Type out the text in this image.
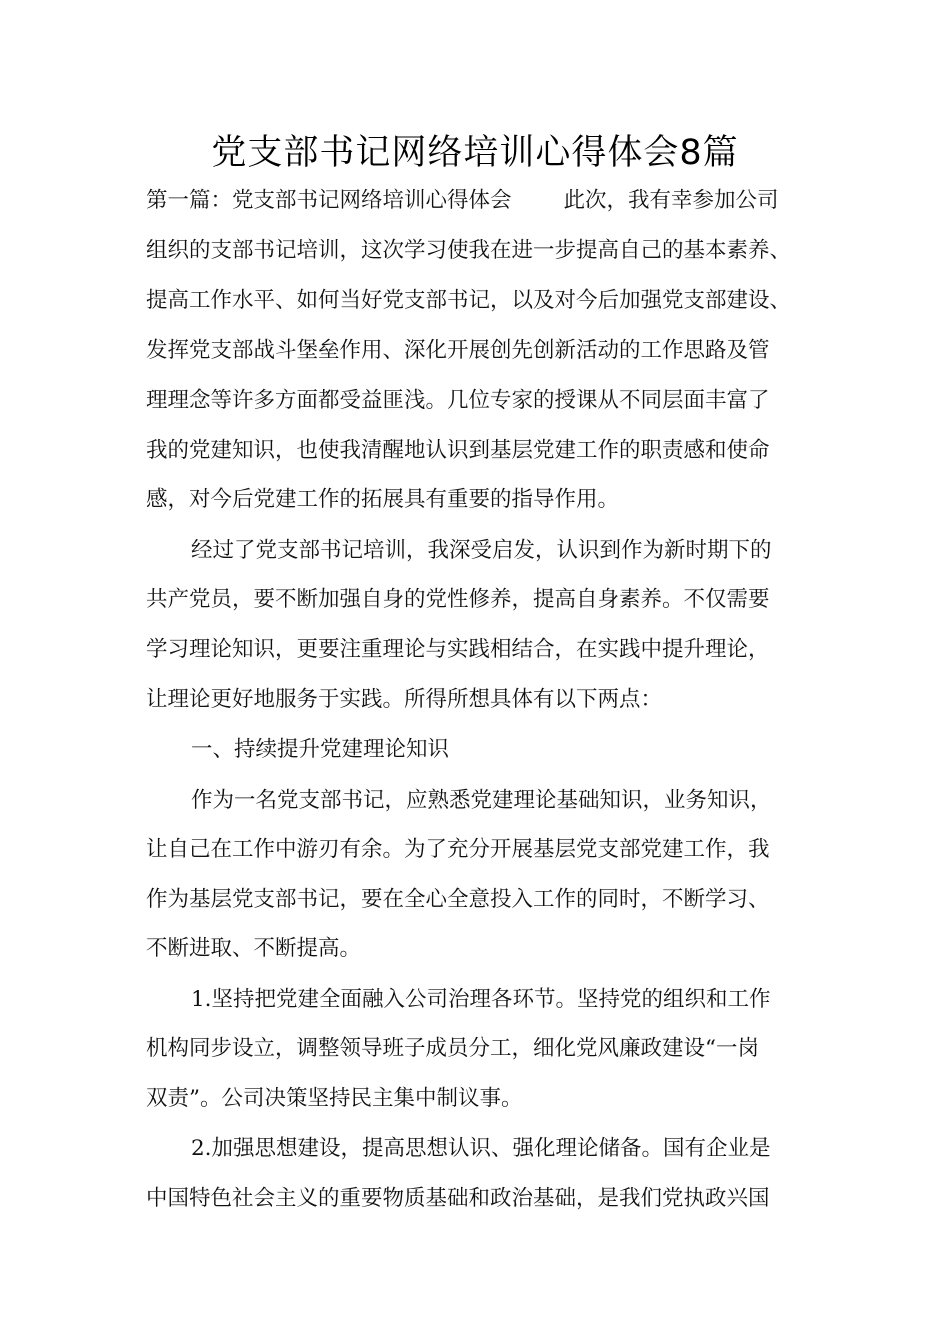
党支部书记网络培训心得体会8篇
第一篇：党支部书记网络培训心得体会 此次，我有幸参加公司
组织的支部书记培训，这次学习使我在进一步提高自己的基本素养、
提高工作水平、如何当好党支部书记，以及对今后加强党支部建设、
发挥党支部战斗堡垒作用、深化开展创先创新活动的工作思路及管
理理念等许多方面都受益匪浅。几位专家的授课从不同层面丰富了
我的党建知识，也使我清醒地认识到基层党建工作的职责感和使命
感，对今后党建工作的拓展具有重要的指导作用。
经过了党支部书记培训，我深受启发，认识到作为新时期下的
共产党员，要不断加强自身的党性修养，提高自身素养。不仅需要
学习理论知识，更要注重理论与实践相结合，在实践中提升理论，
让理论更好地服务于实践。所得所想具体有以下两点：
一、持续提升党建理论知识
作为一名党支部书记，应熟悉党建理论基础知识，业务知识，
让自己在工作中游刃有余。为了充分开展基层党支部党建工作，我
作为基层党支部书记，要在全心全意投入工作的同时，不断学习、
不断进取、不断提高。
1.坚持把党建全面融入公司治理各环节。坚持党的组织和工作
机构同步设立，调整领导班子成员分工，细化党风廉政建设“一岗
双责”。公司决策坚持民主集中制议事。
2.加强思想建设，提高思想认识、强化理论储备。国有企业是
中国特色社会主义的重要物质基础和政治基础，是我们党执政兴国
